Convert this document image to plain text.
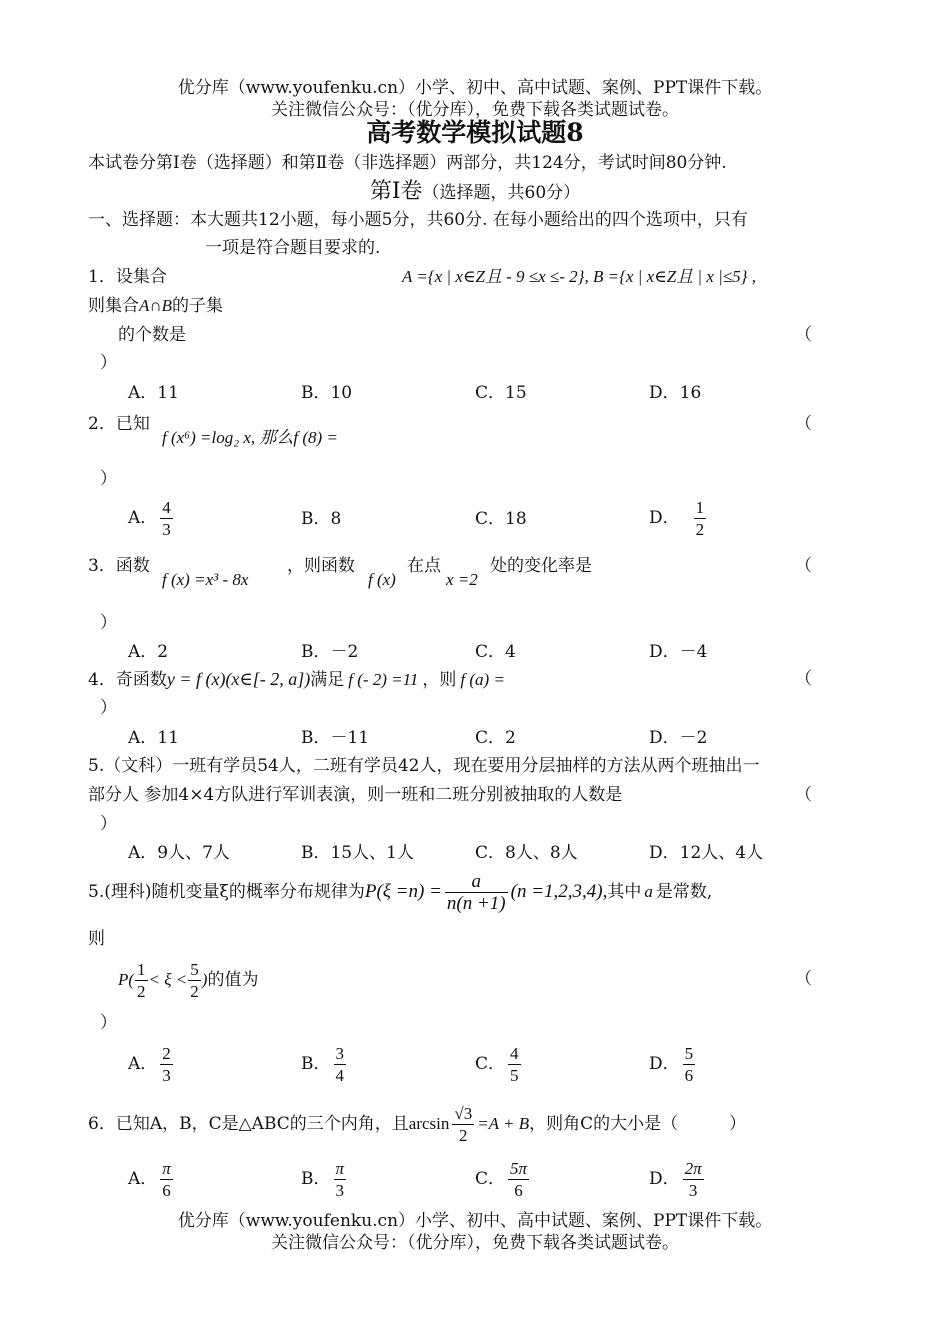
优分库（www.youfenku.cn）小学、初中、高中试题、案例、PPT课件下载。
关注微信公众号：（优分库），免费下载各类试题试卷。
高考数学模拟试题8
本试卷分第Ⅰ卷（选择题）和第Ⅱ卷（非选择题）两部分，共124分，考试时间80分钟.
第Ⅰ卷（选择题，共60分）
一、选择题：本大题共12小题，每小题5分，共60分. 在每小题给出的四个选项中，只有
一项是符合题目要求的.
1．设集合	A ={x | x∈Z且 - 9 ≤x ≤- 2}, B ={x | x∈Z且 | x |≤5} ,
则集合A∩B的子集
的个数是	（
）
A．11	B．10	C．15	D．16
2．已知
f (x⁶) =log₂ x, 那么f (8) =
（
）
A． $\frac{4}{3}$	B．8	C．18	D． $\frac{1}{2}$
3．函数
f (x) =x³ - 8x
，则函数
f (x)
在点
x =2
处的变化率是	（
）
A．2	B．－2	C．4	D．－4
4．奇函数y = f (x)(x∈[- 2, a])满足 f (- 2) =11 ，则 f (a) =	（
）
A．11	B．－11	C．2	D．－2
5.（文科）一班有学员54人，二班有学员42人，现在要用分层抽样的方法从两个班抽出一
部分人 参加4×4方队进行军训表演，则一班和二班分别被抽取的人数是	（
）
A．9人、7人	B．15人、1人	C．8人、8人	D．12人、4人
5.(理科)随机变量ξ的概率分布规律为$P(\xi =n) = \frac{a}{n(n +1)} (n =1,2,3,4)$,其中 a 是常数,
则
$P( \frac{1}{2} < \xi < \frac{5}{2}$ )的值为	（
）
A． $\frac{2}{3}$	B． $\frac{3}{4}$	C． $\frac{4}{5}$	D． $\frac{5}{6}$
6．已知A，B，C是△ABC的三个内角，且$\arcsin \frac{√3}{2} =A + B$，则角C的大小是（　　　）
A． $\frac{\pi}{6}$	B． $\frac{\pi}{3}$	C． $\frac{5\pi}{6}$	D． $\frac{2\pi}{3}$
优分库（www.youfenku.cn）小学、初中、高中试题、案例、PPT课件下载。
关注微信公众号：（优分库），免费下载各类试题试卷。
